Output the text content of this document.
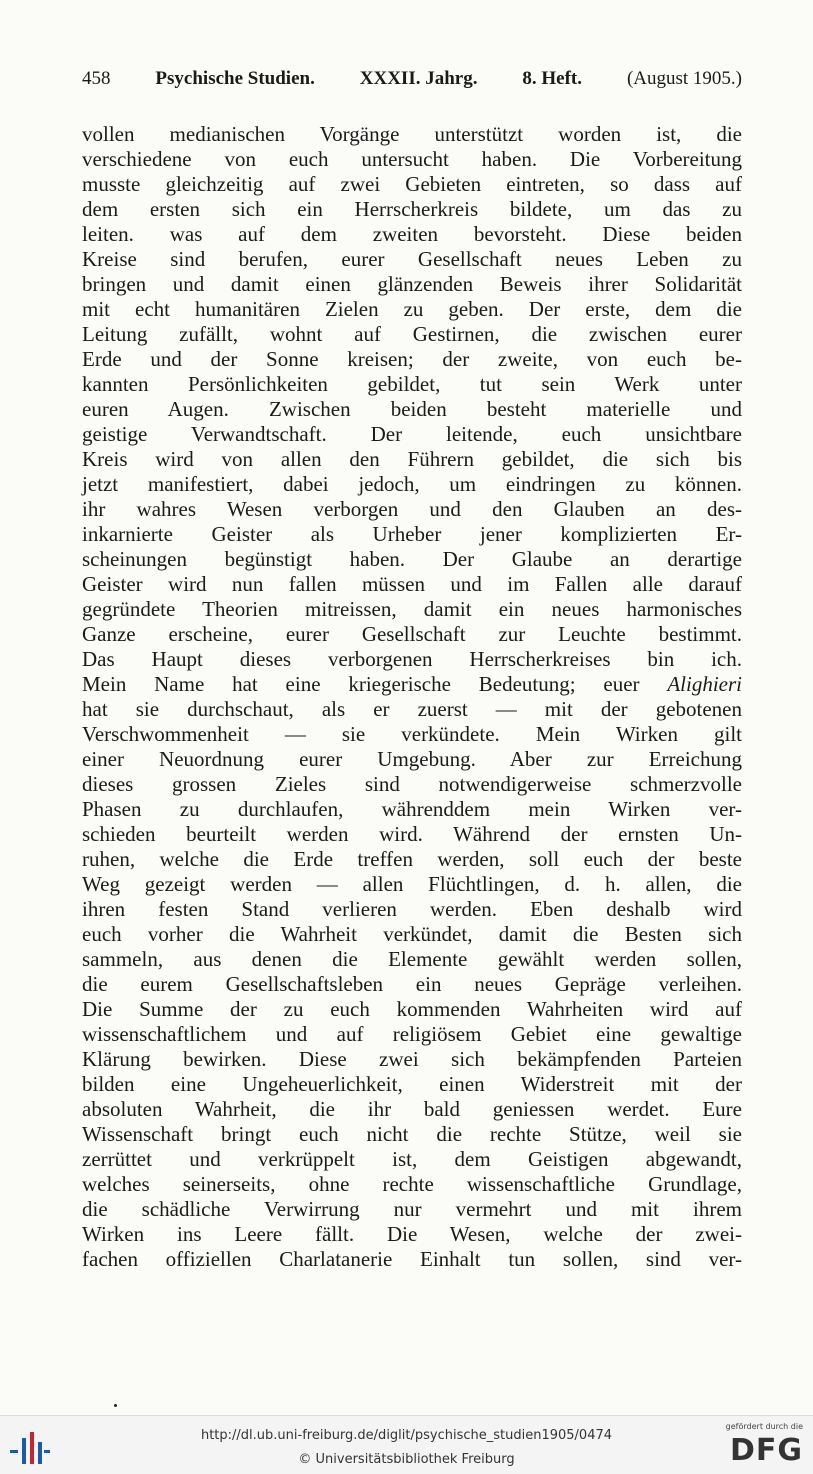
458 Psychische Studien. XXXII. Jahrg. 8. Heft. (August 1905.)
vollen medianischen Vorgänge unterstützt worden ist, die
verschiedene von euch untersucht haben. Die Vorbereitung
musste gleichzeitig auf zwei Gebieten eintreten, so dass auf
dem ersten sich ein Herrscherkreis bildete, um das zu
leiten. was auf dem zweiten bevorsteht. Diese beiden
Kreise sind berufen, eurer Gesellschaft neues Leben zu
bringen und damit einen glänzenden Beweis ihrer Solidarität
mit echt humanitären Zielen zu geben. Der erste, dem die
Leitung zufällt, wohnt auf Gestirnen, die zwischen eurer
Erde und der Sonne kreisen; der zweite, von euch be-
kannten Persönlichkeiten gebildet, tut sein Werk unter
euren Augen. Zwischen beiden besteht materielle und
geistige Verwandtschaft. Der leitende, euch unsichtbare
Kreis wird von allen den Führern gebildet, die sich bis
jetzt manifestiert, dabei jedoch, um eindringen zu können.
ihr wahres Wesen verborgen und den Glauben an des-
inkarnierte Geister als Urheber jener komplizierten Er-
scheinungen begünstigt haben. Der Glaube an derartige
Geister wird nun fallen müssen und im Fallen alle darauf
gegründete Theorien mitreissen, damit ein neues harmonisches
Ganze erscheine, eurer Gesellschaft zur Leuchte bestimmt.
Das Haupt dieses verborgenen Herrscherkreises bin ich.
Mein Name hat eine kriegerische Bedeutung; euer Alighieri
hat sie durchschaut, als er zuerst — mit der gebotenen
Verschwommenheit — sie verkündete. Mein Wirken gilt
einer Neuordnung eurer Umgebung. Aber zur Erreichung
dieses grossen Zieles sind notwendigerweise schmerzvolle
Phasen zu durchlaufen, währenddem mein Wirken ver-
schieden beurteilt werden wird. Während der ernsten Un-
ruhen, welche die Erde treffen werden, soll euch der beste
Weg gezeigt werden — allen Flüchtlingen, d. h. allen, die
ihren festen Stand verlieren werden. Eben deshalb wird
euch vorher die Wahrheit verkündet, damit die Besten sich
sammeln, aus denen die Elemente gewählt werden sollen,
die eurem Gesellschaftsleben ein neues Gepräge verleihen.
Die Summe der zu euch kommenden Wahrheiten wird auf
wissenschaftlichem und auf religiösem Gebiet eine gewaltige
Klärung bewirken. Diese zwei sich bekämpfenden Parteien
bilden eine Ungeheuerlichkeit, einen Widerstreit mit der
absoluten Wahrheit, die ihr bald geniessen werdet. Eure
Wissenschaft bringt euch nicht die rechte Stütze, weil sie
zerrüttet und verkrüppelt ist, dem Geistigen abgewandt,
welches seinerseits, ohne rechte wissenschaftliche Grundlage,
die schädliche Verwirrung nur vermehrt und mit ihrem
Wirken ins Leere fällt. Die Wesen, welche der zwei-
fachen offiziellen Charlatanerie Einhalt tun sollen, sind ver-
http://dl.ub.uni-freiburg.de/diglit/psychische_studien1905/0474
© Universitätsbibliothek Freiburg
gefördert durch die
DFG
